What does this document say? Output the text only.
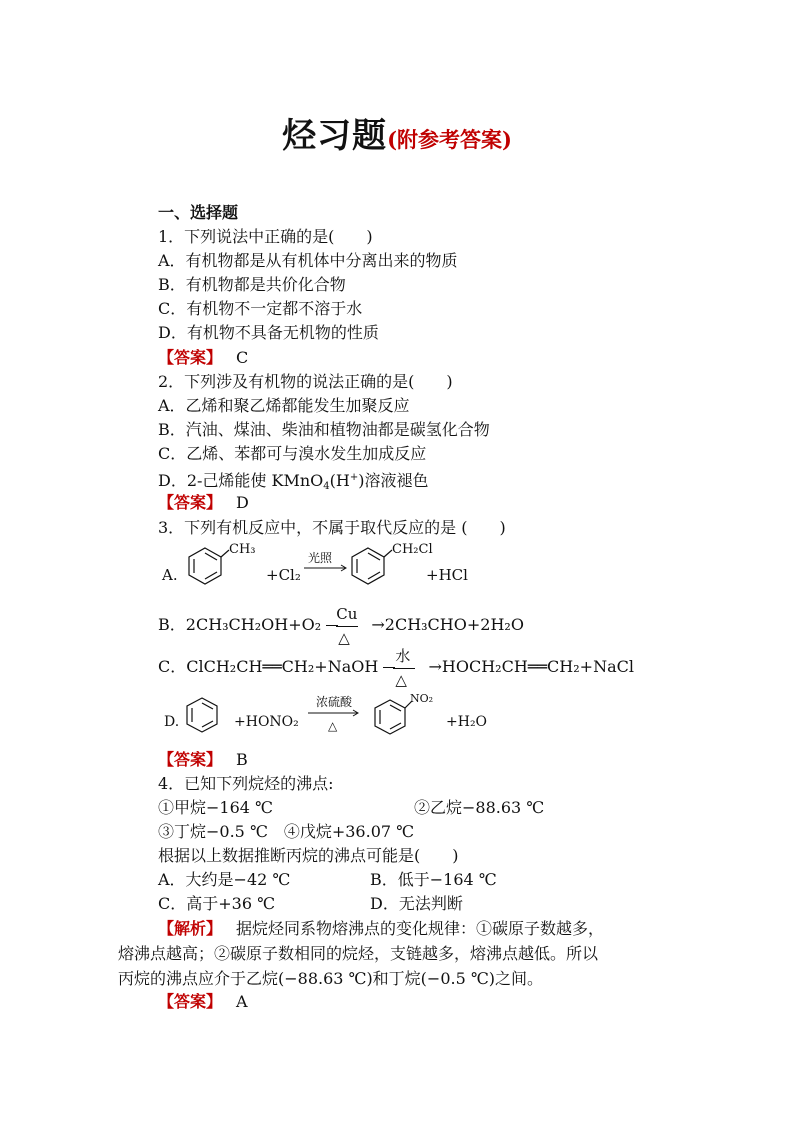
烃习题(附参考答案)
一、选择题
1．下列说法中正确的是(　　)
A．有机物都是从有机体中分离出来的物质
B．有机物都是共价化合物
C．有机物不一定都不溶于水
D．有机物不具备无机物的性质
【答案】 C
2．下列涉及有机物的说法正确的是(　　)
A．乙烯和聚乙烯都能发生加聚反应
B．汽油、煤油、柴油和植物油都是碳氢化合物
C．乙烯、苯都可与溴水发生加成反应
D．2-己烯能使 KMnO$_4$(H+)溶液褪色
【答案】 D
3．下列有机反应中，不属于取代反应的是 (　　)
A.
CH₃
+Cl₂
光照
CH₂Cl
+HCl
B．2CH₃CH₂OH+O₂
Cu
△
→2CH₃CHO+2H₂O
C．ClCH₂CH══CH₂+NaOH
水
△
→HOCH₂CH══CH₂+NaCl
D.	+HONO₂
浓硫酸
△
NO₂
+H₂O
【答案】 B
4．已知下列烷烃的沸点:
①甲烷−164 ℃	②乙烷−88.63 ℃
③丁烷−0.5 ℃ ④戊烷+36.07 ℃
根据以上数据推断丙烷的沸点可能是(　　)
A．大约是−42 ℃	B．低于−164 ℃
C．高于+36 ℃	D．无法判断
【解析】 据烷烃同系物熔沸点的变化规律：①碳原子数越多，
熔沸点越高；②碳原子数相同的烷烃，支链越多，熔沸点越低。所以
丙烷的沸点应介于乙烷(−88.63 ℃)和丁烷(−0.5 ℃)之间。
【答案】 A
